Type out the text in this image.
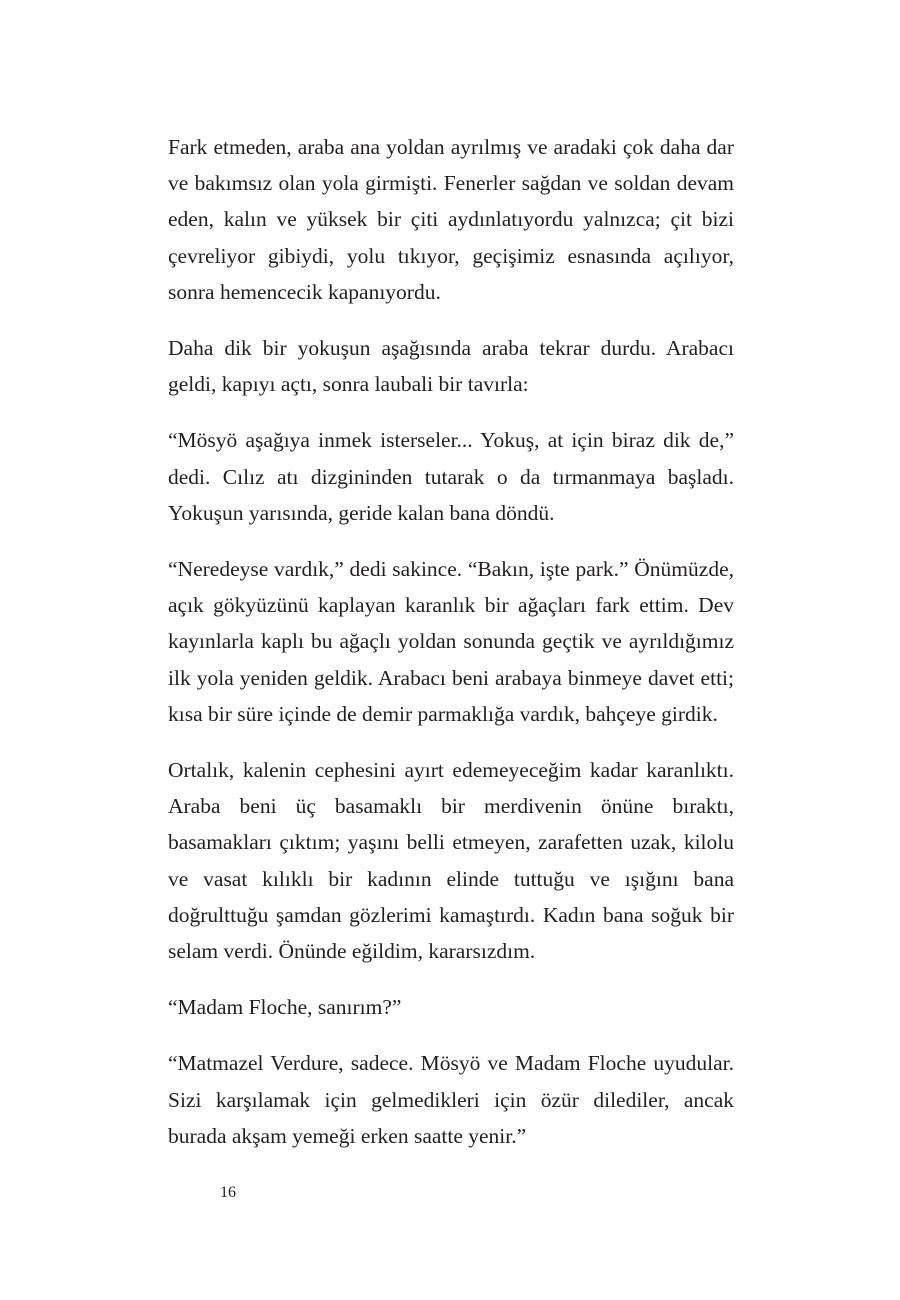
Fark etmeden, araba ana yoldan ayrılmış ve aradaki çok daha dar ve bakımsız olan yola girmişti. Fenerler sağdan ve soldan devam eden, kalın ve yüksek bir çiti aydınlatıyordu yalnızca; çit bizi çevreliyor gibiydi, yolu tıkıyor, geçişimiz esnasında açılıyor, sonra hemencecik kapanıyordu.

Daha dik bir yokuşun aşağısında araba tekrar durdu. Arabacı geldi, kapıyı açtı, sonra laubali bir tavırla:

“Mösyö aşağıya inmek isterseler... Yokuş, at için biraz dik de,” dedi. Cılız atı dizgininden tutarak o da tırmanmaya başladı. Yokuşun yarısında, geride kalan bana döndü.

“Neredeyse vardık,” dedi sakince. “Bakın, işte park.” Önümüzde, açık gökyüzünü kaplayan karanlık bir ağaçları fark ettim. Dev kayınlarla kaplı bu ağaçlı yoldan sonunda geçtik ve ayrıldığımız ilk yola yeniden geldik. Arabacı beni arabaya binmeye davet etti; kısa bir süre içinde de demir parmaklığa vardık, bahçeye girdik.

Ortalık, kalenin cephesini ayırt edemeyeceğim kadar karanlıktı. Araba beni üç basamaklı bir merdivenin önüne bıraktı, basamakları çıktım; yaşını belli etmeyen, zarafetten uzak, kilolu ve vasat kılıklı bir kadının elinde tuttuğu ve ışığını bana doğrulttuğu şamdan gözlerimi kamaştırdı. Kadın bana soğuk bir selam verdi. Önünde eğildim, kararsızdım.

“Madam Floche, sanırım?”

“Matmazel Verdure, sadece. Mösyö ve Madam Floche uyudular. Sizi karşılamak için gelmedikleri için özür dilediler, ancak burada akşam yemeği erken saatte yenir.”

16
